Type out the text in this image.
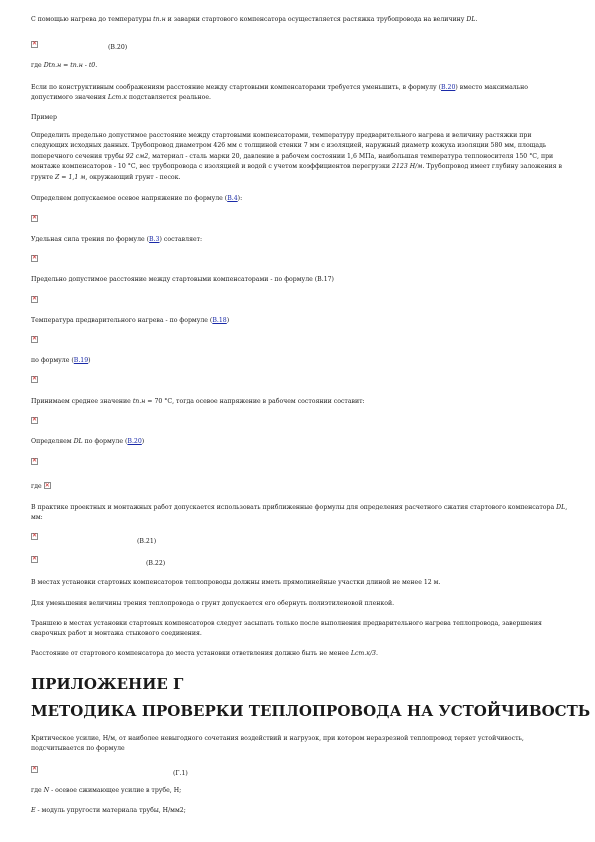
С помощью нагрева до температуры tn.н и заварки стартового компенсатора осуществляется растяжка трубопровода на величину DL.

✕
(В.20)

где Dtn.н = tn.н - t0.

Если по конструктивным соображениям расстояние между стартовыми компенсаторами требуется уменьшить, в формулу (В.20) вместо максимально допустимого значения Lст.к подставляется реальное.

Пример

Определить предельно допустимое расстояние между стартовыми компенсаторами, температуру предварительного нагрева и величину растяжки при следующих исходных данных. Трубопровод диаметром 426 мм с толщиной стенки 7 мм с изоляцией, наружный диаметр кожуха изоляции 580 мм, площадь поперечного сечения трубы 92 см2, материал - сталь марки 20, давление в рабочем состоянии 1,6 МПа, наибольшая температура теплоносителя 150 °С, при монтаже компенсаторов - 10 °С, вес трубопровода с изоляцией и водой с учетом коэффициентов перегрузки 2123 Н/м. Трубопровод имеет глубину заложения в грунте Z = 1,1 м, окружающий грунт - песок.

Определяем допускаемое осевое напряжение по формуле (В.4):

✕

Удельная сила трения по формуле (В.3) составляет:

✕

Предельно допустимое расстояние между стартовыми компенсаторами - по формуле (В.17)

✕

Температура предварительного нагрева - по формуле (В.18)

✕

по формуле (В.19)

✕

Принимаем среднее значение tn.н = 70 °С, тогда осевое напряжение в рабочем состоянии составит:

✕

Определяем DL по формуле (В.20)

✕

где ✕

В практике проектных и монтажных работ допускается использовать приближенные формулы для определения расчетного сжатия стартового компенсатора DL, мм:

✕
(В.21)
✕
(В.22)

В местах установки стартовых компенсаторов теплопроводы должны иметь прямолинейные участки длиной не менее 12 м.

Для уменьшения величины трения теплопровода о грунт допускается его обернуть полиэтиленовой пленкой.

Траншею в местах установки стартовых компенсаторов следует засыпать только после выполнения предварительного нагрева теплопровода, завершения сварочных работ и монтажа стыкового соединения.

Расстояние от стартового компенсатора до места установки ответвления должно быть не менее Lст.к/3.

ПРИЛОЖЕНИЕ Г
МЕТОДИКА ПРОВЕРКИ ТЕПЛОПРОВОДА НА УСТОЙЧИВОСТЬ

Критическое усилие, Н/м, от наиболее невыгодного сочетания воздействий и нагрузок, при котором неразрезной теплопровод теряет устойчивость, подсчитывается по формуле

✕
(Г.1)

где N - осевое сжимающее усилие в трубе, Н;

E - модуль упругости материала трубы, Н/мм2;
